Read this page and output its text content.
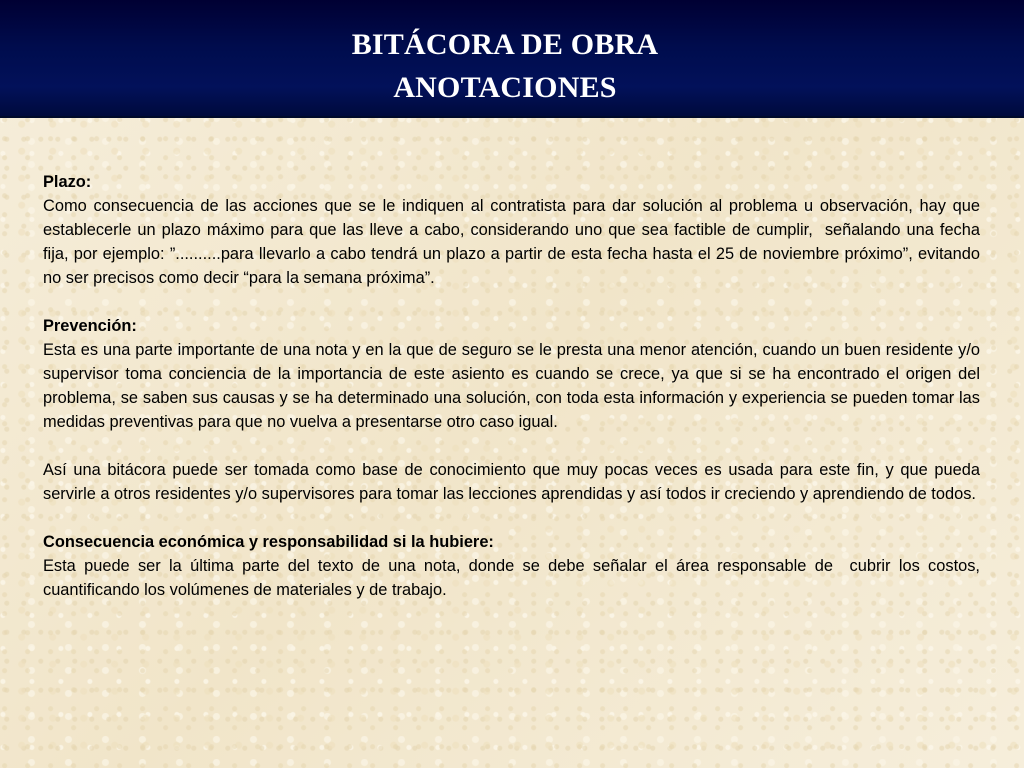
BITÁCORA DE OBRA
ANOTACIONES
Plazo:
Como consecuencia de las acciones que se le indiquen al contratista para dar solución al problema u observación, hay que establecerle un plazo máximo para que las lleve a cabo, considerando uno que sea factible de cumplir,  señalando una fecha fija, por ejemplo: ”..........para llevarlo a cabo tendrá un plazo a partir de esta fecha hasta el 25 de noviembre próximo”, evitando no ser precisos como decir “para la semana próxima”.
Prevención:
Esta es una parte importante de una nota y en la que de seguro se le presta una menor atención, cuando un buen residente y/o supervisor toma conciencia de la importancia de este asiento es cuando se crece, ya que si se ha encontrado el origen del problema, se saben sus causas y se ha determinado una solución, con toda esta información y experiencia se pueden tomar las medidas preventivas para que no vuelva a presentarse otro caso igual.
Así una bitácora puede ser tomada como base de conocimiento que muy pocas veces es usada para este fin, y que pueda servirle a otros residentes y/o supervisores para tomar las lecciones aprendidas y así todos ir creciendo y aprendiendo de todos.
Consecuencia económica y responsabilidad si la hubiere:
Esta puede ser la última parte del texto de una nota, donde se debe señalar el área responsable de  cubrir los costos, cuantificando los volúmenes de materiales y de trabajo.
